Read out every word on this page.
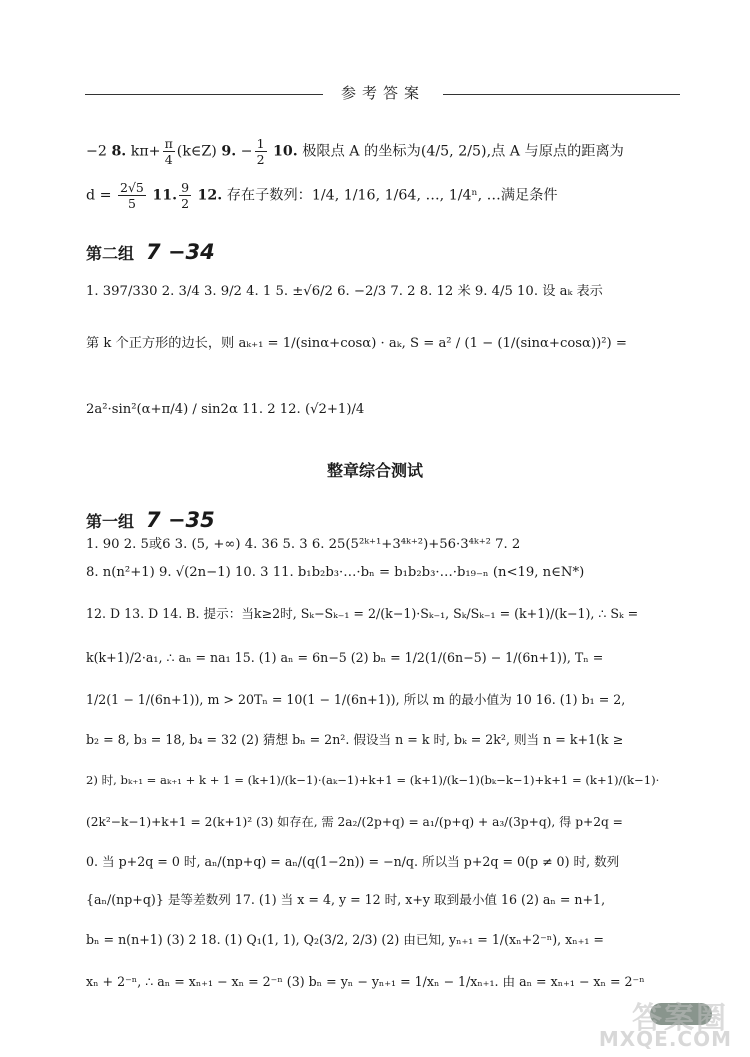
参考答案
−2 8. $k\pi+ \frac{\pi}{4}$ (k∈Z) 9. − $\frac{1}{2} 10$. 极限点 A 的坐标为(4/5, 2/5),点 A 与原点的距离为
$d = \frac{2√5}{5} 11$. $\frac{9}{2} 12$. 存在子数列：1/4, 1/16, 1/64, …, 1/4ⁿ, …满足条件
第二组 7 −34
1. 397/330 2. 3/4 3. 9/2 4. 1 5. ±√6/2 6. −2/3 7. 2 8. 12 米 9. 4/5 10. 设 aₖ 表示
第 k 个正方形的边长，则 aₖ₊₁ = 1/(sinα+cosα) · aₖ, S = a² / (1 − (1/(sinα+cosα))²) =
2a²·sin²(α+π/4) / sin2α 11. 2 12. (√2+1)/4
整章综合测试
第一组 7 −35
1. 90 2. 5或6 3. (5, +∞) 4. 36 5. 3 6. 25(5²ᵏ⁺¹+3⁴ᵏ⁺²)+56·3⁴ᵏ⁺² 7. 2
8. n(n²+1) 9. √(2n−1) 10. 3 11. b₁b₂b₃·…·bₙ = b₁b₂b₃·…·b₁₉₋ₙ (n<19, n∈N*)
12. D 13. D 14. B. 提示：当k≥2时, Sₖ−Sₖ₋₁ = 2/(k−1)·Sₖ₋₁, Sₖ/Sₖ₋₁ = (k+1)/(k−1), ∴ Sₖ =
k(k+1)/2·a₁, ∴ aₙ = na₁ 15. (1) aₙ = 6n−5 (2) bₙ = 1/2(1/(6n−5) − 1/(6n+1)), Tₙ =
1/2(1 − 1/(6n+1)), m > 20Tₙ = 10(1 − 1/(6n+1)), 所以 m 的最小值为 10 16. (1) b₁ = 2,
b₂ = 8, b₃ = 18, b₄ = 32 (2) 猜想 bₙ = 2n². 假设当 n = k 时, bₖ = 2k², 则当 n = k+1(k ≥
2) 时, bₖ₊₁ = aₖ₊₁ + k + 1 = (k+1)/(k−1)·(aₖ−1)+k+1 = (k+1)/(k−1)(bₖ−k−1)+k+1 = (k+1)/(k−1)·
(2k²−k−1)+k+1 = 2(k+1)² (3) 如存在, 需 2a₂/(2p+q) = a₁/(p+q) + a₃/(3p+q), 得 p+2q =
0. 当 p+2q = 0 时, aₙ/(np+q) = aₙ/(q(1−2n)) = −n/q. 所以当 p+2q = 0(p ≠ 0) 时, 数列
{aₙ/(np+q)} 是等差数列 17. (1) 当 x = 4, y = 12 时, x+y 取到最小值 16 (2) aₙ = n+1,
bₙ = n(n+1) (3) 2 18. (1) Q₁(1, 1), Q₂(3/2, 2/3) (2) 由已知, yₙ₊₁ = 1/(xₙ+2⁻ⁿ), xₙ₊₁ =
xₙ + 2⁻ⁿ, ∴ aₙ = xₙ₊₁ − xₙ = 2⁻ⁿ (3) bₙ = yₙ − yₙ₊₁ = 1/xₙ − 1/xₙ₊₁. 由 aₙ = xₙ₊₁ − xₙ = 2⁻ⁿ
答案圈
MXQE.COM
